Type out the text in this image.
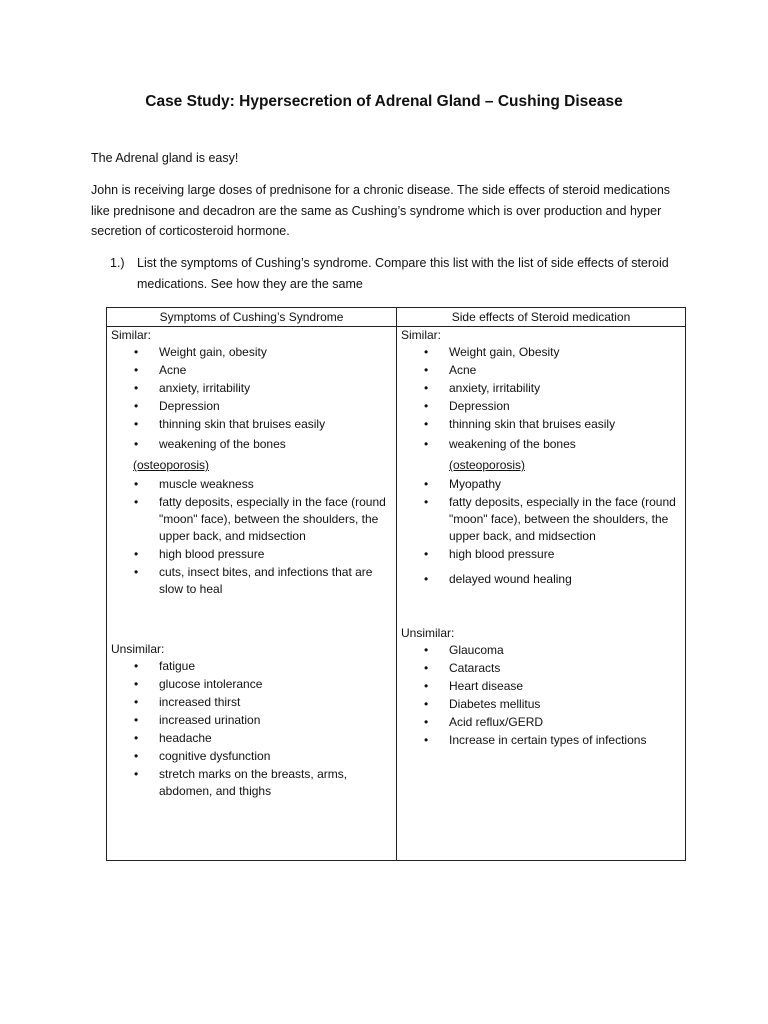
Case Study: Hypersecretion of Adrenal Gland – Cushing Disease
The Adrenal gland is easy!
John is receiving large doses of prednisone for a chronic disease. The side effects of steroid medications like prednisone and decadron are the same as Cushing’s syndrome which is over production and hyper secretion of corticosteroid hormone.
1.) List the symptoms of Cushing’s syndrome. Compare this list with the list of side effects of steroid medications. See how they are the same
Symptoms of Cushing’s Syndrome	Side effects of Steroid medication

Similar:

• Weight gain, obesity
• Acne
• anxiety, irritability
• Depression
• thinning skin that bruises easily
• weakening of the bones
(osteoporosis)
• muscle weakness
• fatty deposits, especially in the face (round "moon" face), between the shoulders, the upper back, and midsection
• high blood pressure
• cuts, insect bites, and infections that are slow to heal

Unsimilar:

• fatigue
• glucose intolerance
• increased thirst
• increased urination
• headache
• cognitive dysfunction
• stretch marks on the breasts, arms, abdomen, and thighs

Similar:

• Weight gain, Obesity
• Acne
• anxiety, irritability
• Depression
• thinning skin that bruises easily
• weakening of the bones
(osteoporosis)
• Myopathy
• fatty deposits, especially in the face (round "moon" face), between the shoulders, the upper back, and midsection
• high blood pressure
• delayed wound healing

Unsimilar:

• Glaucoma
• Cataracts
• Heart disease
• Diabetes mellitus
• Acid reflux/GERD
• Increase in certain types of infections
